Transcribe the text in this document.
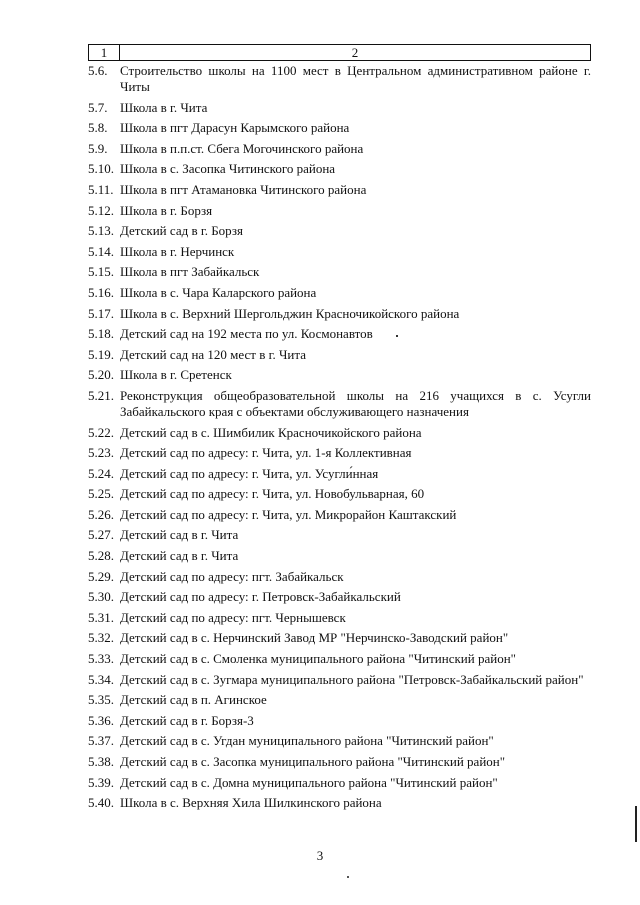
1	2
5.6. Строительство школы на 1100 мест в Центральном административном районе г. Читы
5.7. Школа в г. Чита
5.8. Школа в пгт Дарасун Карымского района
5.9. Школа в п.п.ст. Сбега Могочинского района
5.10. Школа в с. Засопка Читинского района
5.11. Школа в пгт Атамановка Читинского района
5.12. Школа в г. Борзя
5.13. Детский сад в г. Борзя
5.14. Школа в г. Нерчинск
5.15. Школа в пгт Забайкальск
5.16. Школа в с. Чара Каларского района
5.17. Школа в с. Верхний Шергольджин Красночикойского района
5.18. Детский сад на 192 места по ул. Космонавтов
5.19. Детский сад на 120 мест в г. Чита
5.20. Школа в г. Сретенск
5.21. Реконструкция общеобразовательной школы на 216 учащихся в с. Усугли Забайкальского края с объектами обслуживающего назначения
5.22. Детский сад в с. Шимбилик Красночикойского района
5.23. Детский сад по адресу: г. Чита, ул. 1-я Коллективная
5.24. Детский сад по адресу: г. Чита, ул. Усугли́нная
5.25. Детский сад по адресу: г. Чита, ул. Новобульварная, 60
5.26. Детский сад по адресу: г. Чита, ул. Микрорайон Каштакский
5.27. Детский сад в г. Чита
5.28. Детский сад в г. Чита
5.29. Детский сад по адресу: пгт. Забайкальск
5.30. Детский сад по адресу: г. Петровск-Забайкальский
5.31. Детский сад по адресу: пгт. Чернышевск
5.32. Детский сад в с. Нерчинский Завод МР "Нерчинско-Заводский район"
5.33. Детский сад в с. Смоленка муниципального района "Читинский район"
5.34. Детский сад в с. Зугмара муниципального района "Петровск-Забайкальский район"
5.35. Детский сад в п. Агинское
5.36. Детский сад в г. Борзя-3
5.37. Детский сад в с. Угдан муниципального района "Читинский район"
5.38. Детский сад в с. Засопка муниципального района "Читинский район"
5.39. Детский сад в с. Домна муниципального района "Читинский район"
5.40. Школа в с. Верхняя Хила Шилкинского района
3
